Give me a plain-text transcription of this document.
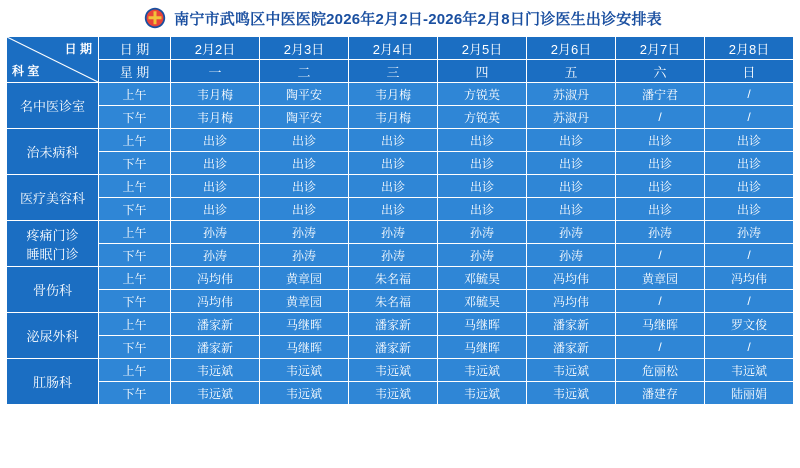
南宁市武鸣区中医医院2026年2月2日-2026年2月8日门诊医生出诊安排表
日 期
科 室	日 期	2月2日	2月3日	2月4日	2月5日	2月6日	2月7日	2月8日
	星 期	一	二	三	四	五	六	日
名中医诊室	上午	韦月梅	陶平安	韦月梅	方锐英	苏淑丹	潘宁君	/
	下午	韦月梅	陶平安	韦月梅	方锐英	苏淑丹	/	/
治未病科	上午	出诊	出诊	出诊	出诊	出诊	出诊	出诊
	下午	出诊	出诊	出诊	出诊	出诊	出诊	出诊
医疗美容科	上午	出诊	出诊	出诊	出诊	出诊	出诊	出诊
	下午	出诊	出诊	出诊	出诊	出诊	出诊	出诊
疼痛门诊
睡眠门诊	上午	孙涛	孙涛	孙涛	孙涛	孙涛	孙涛	孙涛
	下午	孙涛	孙涛	孙涛	孙涛	孙涛	/	/
骨伤科	上午	冯均伟	黄章园	朱名福	邓毓昊	冯均伟	黄章园	冯均伟
	下午	冯均伟	黄章园	朱名福	邓毓昊	冯均伟	/	/
泌尿外科	上午	潘家新	马继晖	潘家新	马继晖	潘家新	马继晖	罗文俊
	下午	潘家新	马继晖	潘家新	马继晖	潘家新	/	/
肛肠科	上午	韦远斌	韦远斌	韦远斌	韦远斌	韦远斌	危丽松	韦远斌
	下午	韦远斌	韦远斌	韦远斌	韦远斌	韦远斌	潘建存	陆丽娟
